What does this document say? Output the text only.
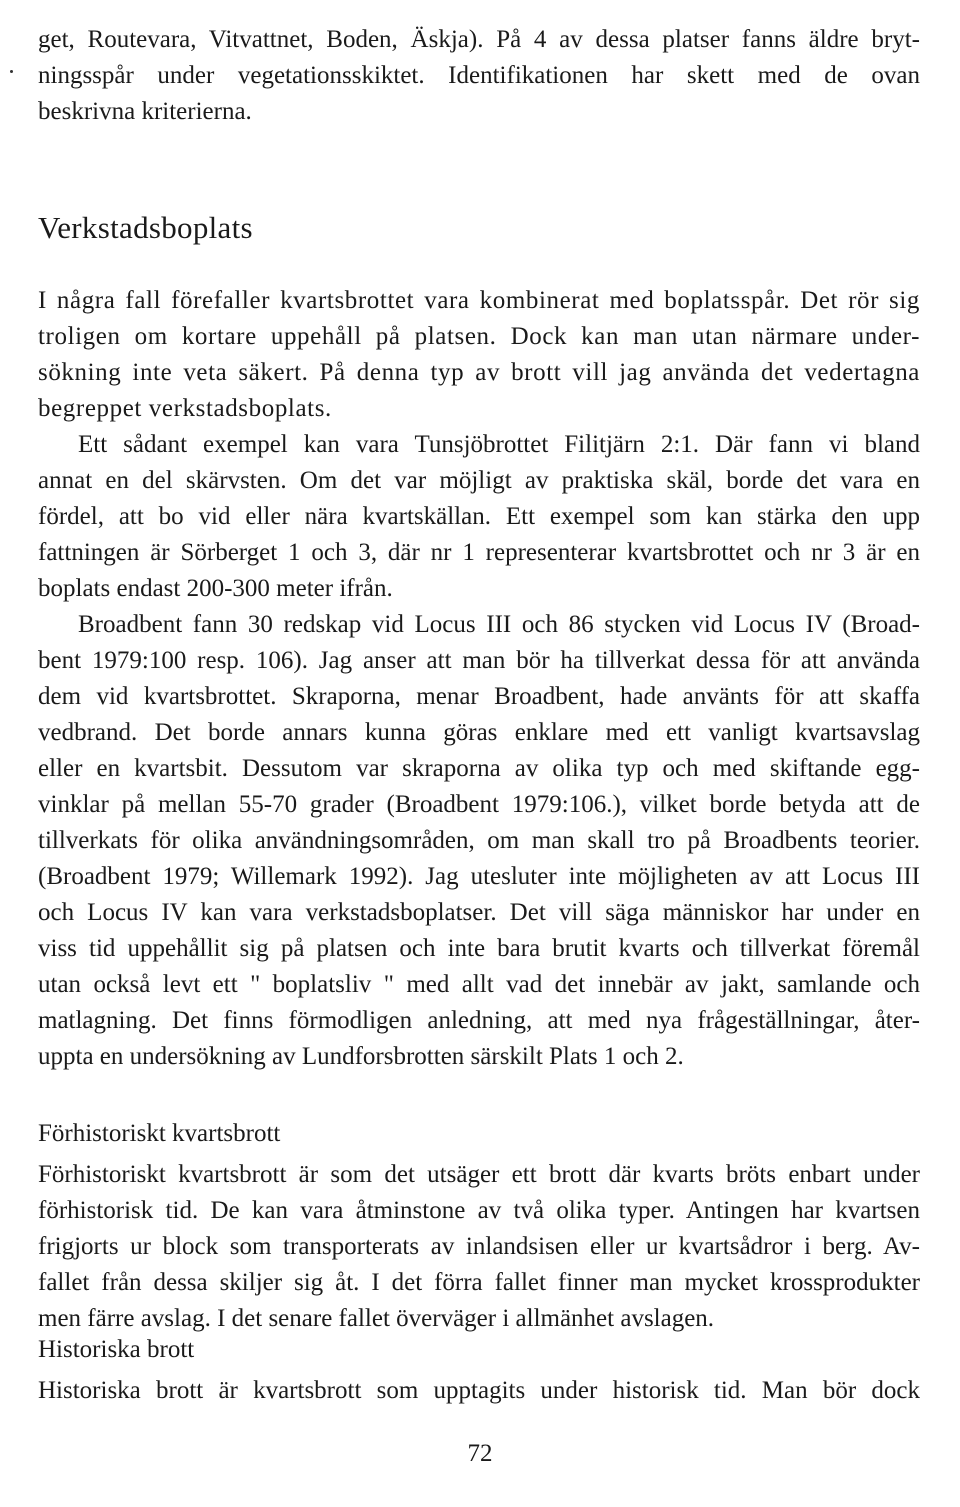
get, Routevara, Vitvattnet, Boden, Äskja). På 4 av dessa platser fanns äldre bryt-

ningsspår under vegetationsskiktet. Identifikationen har skett med de ovan

beskrivna kriterierna.

Verkstadsboplats

I några fall förefaller kvartsbrottet vara kombinerat med boplatsspår. Det rör sig

troligen om kortare uppehåll på platsen. Dock kan man utan närmare under-

sökning inte veta säkert. På denna typ av brott vill jag använda det vedertagna

begreppet verkstadsboplats.

Ett sådant exempel kan vara Tunsjöbrottet Filitjärn 2:1. Där fann vi bland

annat en del skärvsten. Om det var möjligt av praktiska skäl, borde det vara en

fördel, att bo vid eller nära kvartskällan. Ett exempel som kan stärka den upp

fattningen är Sörberget 1 och 3, där nr 1 representerar kvartsbrottet och nr 3 är en

boplats endast 200-300 meter ifrån.

Broadbent fann 30 redskap vid Locus III och 86 stycken vid Locus IV (Broad-

bent 1979:100 resp. 106). Jag anser att man bör ha tillverkat dessa för att använda

dem vid kvartsbrottet. Skraporna, menar Broadbent, hade använts för att skaffa

vedbrand. Det borde annars kunna göras enklare med ett vanligt kvartsavslag

eller en kvartsbit. Dessutom var skraporna av olika typ och med skiftande egg-

vinklar på mellan 55-70 grader (Broadbent 1979:106.), vilket borde betyda att de

tillverkats för olika användningsområden, om man skall tro på Broadbents teorier.

(Broadbent 1979; Willemark 1992). Jag utesluter inte möjligheten av att Locus III

och Locus IV kan vara verkstadsboplatser. Det vill säga människor har under en

viss tid uppehållit sig på platsen och inte bara brutit kvarts och tillverkat föremål

utan också levt ett " boplatsliv " med allt vad det innebär av jakt, samlande och

matlagning. Det finns förmodligen anledning, att med nya frågeställningar, åter-

uppta en undersökning av Lundforsbrotten särskilt Plats 1 och 2.

Förhistoriskt kvartsbrott

Förhistoriskt kvartsbrott är som det utsäger ett brott där kvarts bröts enbart under

förhistorisk tid. De kan vara åtminstone av två olika typer. Antingen har kvartsen

frigjorts ur block som transporterats av inlandsisen eller ur kvartsådror i berg. Av-

fallet från dessa skiljer sig åt. I det förra fallet finner man mycket krossprodukter

men färre avslag. I det senare fallet överväger i allmänhet avslagen.

Historiska brott

Historiska brott är kvartsbrott som upptagits under historisk tid. Man bör dock

72
